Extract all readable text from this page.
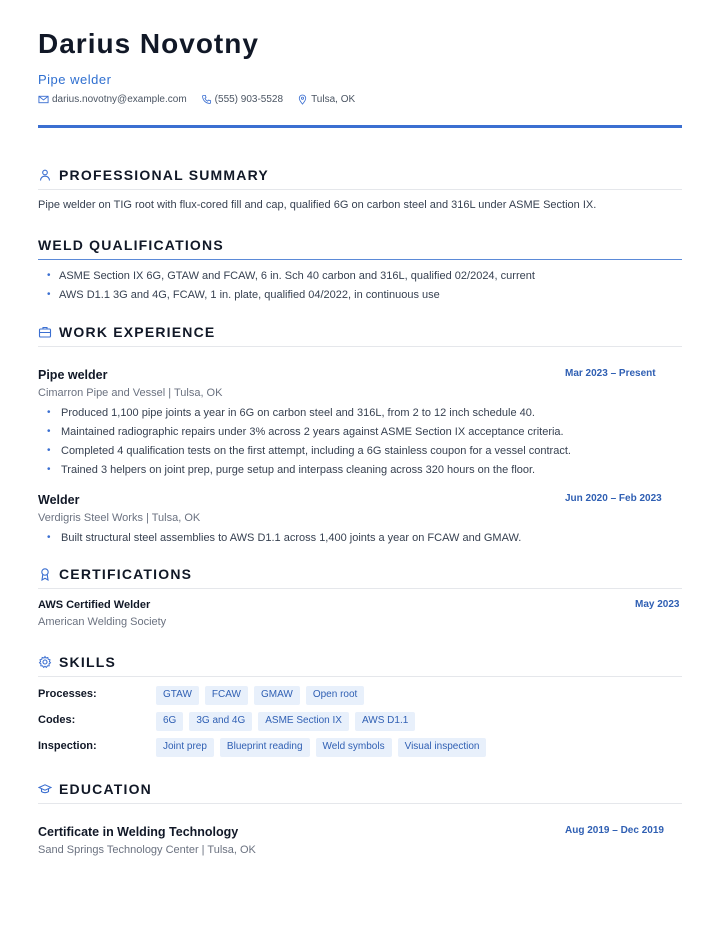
Darius Novotny
Pipe welder
darius.novotny@example.com	(555) 903-5528	Tulsa, OK
PROFESSIONAL SUMMARY
Pipe welder on TIG root with flux-cored fill and cap, qualified 6G on carbon steel and 316L under ASME Section IX.
WELD QUALIFICATIONS
• ASME Section IX 6G, GTAW and FCAW, 6 in. Sch 40 carbon and 316L, qualified 02/2024, current
• AWS D1.1 3G and 4G, FCAW, 1 in. plate, qualified 04/2022, in continuous use
WORK EXPERIENCE
Pipe welder	Mar 2023 – Present
Cimarron Pipe and Vessel | Tulsa, OK
• Produced 1,100 pipe joints a year in 6G on carbon steel and 316L, from 2 to 12 inch schedule 40.
• Maintained radiographic repairs under 3% across 2 years against ASME Section IX acceptance criteria.
• Completed 4 qualification tests on the first attempt, including a 6G stainless coupon for a vessel contract.
• Trained 3 helpers on joint prep, purge setup and interpass cleaning across 320 hours on the floor.
Welder	Jun 2020 – Feb 2023
Verdigris Steel Works | Tulsa, OK
• Built structural steel assemblies to AWS D1.1 across 1,400 joints a year on FCAW and GMAW.
CERTIFICATIONS
AWS Certified Welder	May 2023
American Welding Society
SKILLS
Processes:	GTAW	FCAW	GMAW	Open root
Codes:	6G	3G and 4G	ASME Section IX	AWS D1.1
Inspection:	Joint prep	Blueprint reading	Weld symbols	Visual inspection
EDUCATION
Certificate in Welding Technology	Aug 2019 – Dec 2019
Sand Springs Technology Center | Tulsa, OK
